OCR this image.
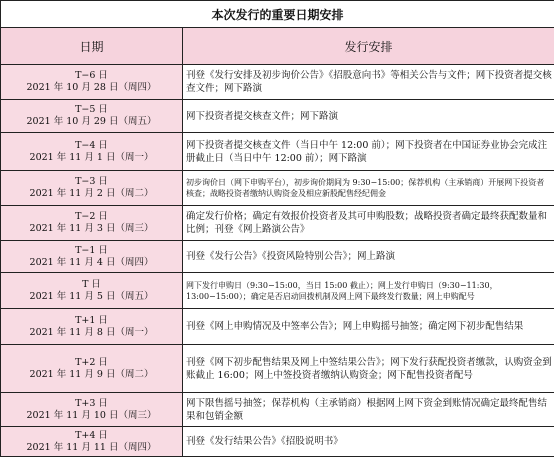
本次发行的重要日期安排	
日期	发行安排

T−6 日
2021 年 10 月 28 日（周四）	刊登《发行安排及初步询价公告》《招股意向书》等相关公告与文件；网下投资者提交核查文件；网下路演

T−5 日
2021 年 10 月 29 日（周五）	网下投资者提交核查文件；网下路演

T−4 日
2021 年 11 月 1 日（周一）	网下投资者提交核查文件（当日中午 12:00 前）；网下投资者在中国证券业协会完成注册截止日（当日中午 12:00 前）；网下路演

T−3 日
2021 年 11 月 2 日（周二）	初步询价日（网下申购平台），初步询价期间为 9:30−15:00；保荐机构（主承销商）开展网下投资者核查；战略投资者缴纳认购资金及相应新股配售经纪佣金

T−2 日
2021 年 11 月 3 日（周三）	确定发行价格；确定有效报价投资者及其可申购股数；战略投资者确定最终获配数量和比例；刊登《网上路演公告》

T−1 日
2021 年 11 月 4 日（周四）	刊登《发行公告》《投资风险特别公告》；网上路演

T 日
2021 年 11 月 5 日（周五）	网下发行申购日（9:30−15:00，当日 15:00 截止）；网上发行申购日（9:30−11:30，13:00−15:00）；确定是否启动回拨机制及网上网下最终发行数量；网上申购配号

T+1 日
2021 年 11 月 8 日（周一）	刊登《网上申购情况及中签率公告》；网上申购摇号抽签；确定网下初步配售结果

T+2 日
2021 年 11 月 9 日（周二）	刊登《网下初步配售结果及网上中签结果公告》；网下发行获配投资者缴款，认购资金到账截止 16:00；网上中签投资者缴纳认购资金；网下配售投资者配号

T+3 日
2021 年 11 月 10 日（周三）	网下限售摇号抽签；保荐机构（主承销商）根据网上网下资金到账情况确定最终配售结果和包销金额

T+4 日
2021 年 11 月 11 日（周四）	刊登《发行结果公告》《招股说明书》
